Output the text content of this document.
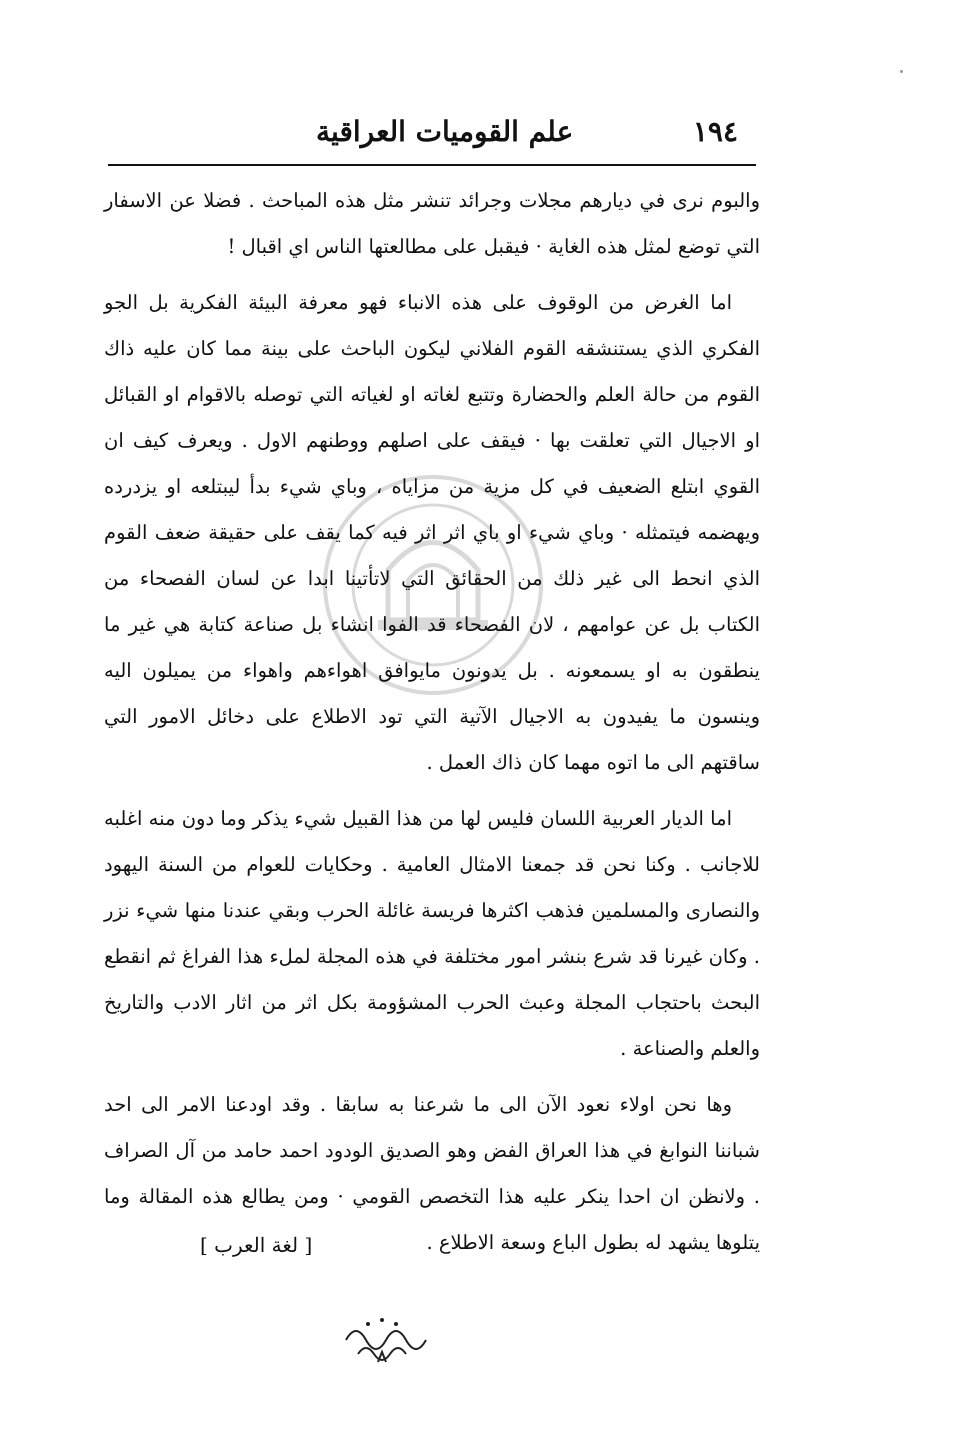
١٩٤
علم القوميات العراقية

والبوم نرى في ديارهم مجلات وجرائد تنشر مثل هذه المباحث . فضلا عن الاسفار التي توضع لمثل هذه الغاية · فيقبل على مطالعتها الناس اي اقبال !

اما الغرض من الوقوف على هذه الانباء فهو معرفة البيئة الفكرية بل الجو الفكري الذي يستنشقه القوم الفلاني ليكون الباحث على بينة مما كان عليه ذاك القوم من حالة العلم والحضارة وتتبع لغاته او لغياته التي توصله بالاقوام او القبائل او الاجيال التي تعلقت بها · فيقف على اصلهم ووطنهم الاول . ويعرف كيف ان القوي ابتلع الضعيف في كل مزية من مزاياه ، وباي شيء بدأ ليبتلعه او يزدرده ويهضمه فيتمثله · وباي شيء او باي اثر اثر فيه كما يقف على حقيقة ضعف القوم الذي انحط الى غير ذلك من الحقائق التي لاتأتينا ابدا عن لسان الفصحاء من الكتاب بل عن عوامهم ، لان الفصحاء قد الفوا انشاء بل صناعة كتابة هي غير ما ينطقون به او يسمعونه . بل يدونون مايوافق اهواءهم واهواء من يميلون اليه وينسون ما يفيدون به الاجيال الآتية التي تود الاطلاع على دخائل الامور التي ساقتهم الى ما اتوه مهما كان ذاك العمل .

اما الديار العربية اللسان فليس لها من هذا القبيل شيء يذكر وما دون منه اغلبه للاجانب . وكنا نحن قد جمعنا الامثال العامية . وحكايات للعوام من السنة اليهود والنصارى والمسلمين فذهب اكثرها فريسة غائلة الحرب وبقي عندنا منها شيء نزر . وكان غيرنا قد شرع بنشر امور مختلفة في هذه المجلة لملء هذا الفراغ ثم انقطع البحث باحتجاب المجلة وعبث الحرب المشؤومة بكل اثر من اثار الادب والتاريخ والعلم والصناعة .

وها نحن اولاء نعود الآن الى ما شرعنا به سابقا . وقد اودعنا الامر الى احد شباننا النوابغ في هذا العراق الفض وهو الصديق الودود احمد حامد من آل الصراف . ولانظن ان احدا ينكر عليه هذا التخصص القومي · ومن يطالع هذه المقالة وما يتلوها يشهد له بطول الباع وسعة الاطلاع .

[ لغة العرب ]
